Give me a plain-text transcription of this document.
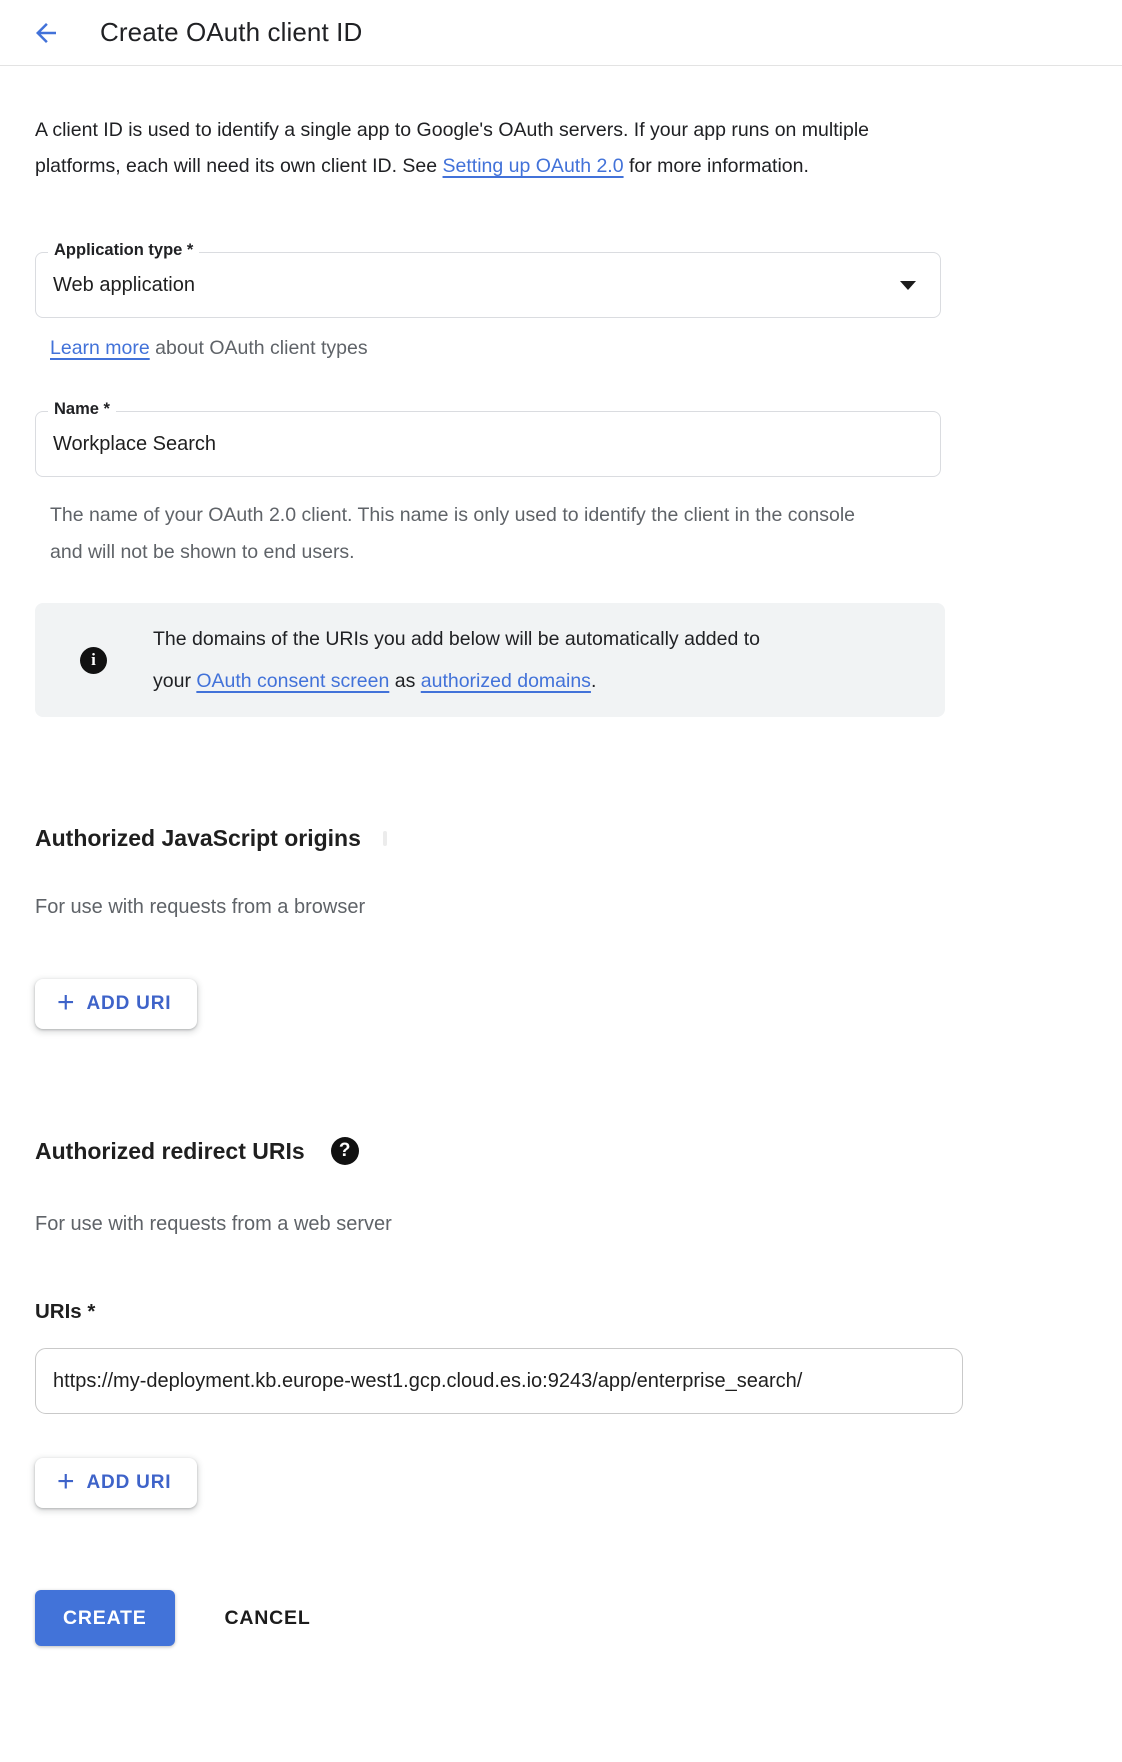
Create OAuth client ID

A client ID is used to identify a single app to Google's OAuth servers. If your app runs on multiple platforms, each will need its own client ID. See Setting up OAuth 2.0 for more information.

Application type *
Web application

Learn more about OAuth client types

Name *
Workplace Search

The name of your OAuth 2.0 client. This name is only used to identify the client in the console and will not be shown to end users.

i

The domains of the URIs you add below will be automatically added to
your OAuth consent screen as authorized domains.

Authorized JavaScript origins

For use with requests from a browser

+ ADD URI
Authorized redirect URIs	?

For use with requests from a web server

URIs *

https://my-deployment.kb.europe-west1.gcp.cloud.es.io:9243/app/enterprise_search/
+ ADD URI
CREATE	CANCEL
